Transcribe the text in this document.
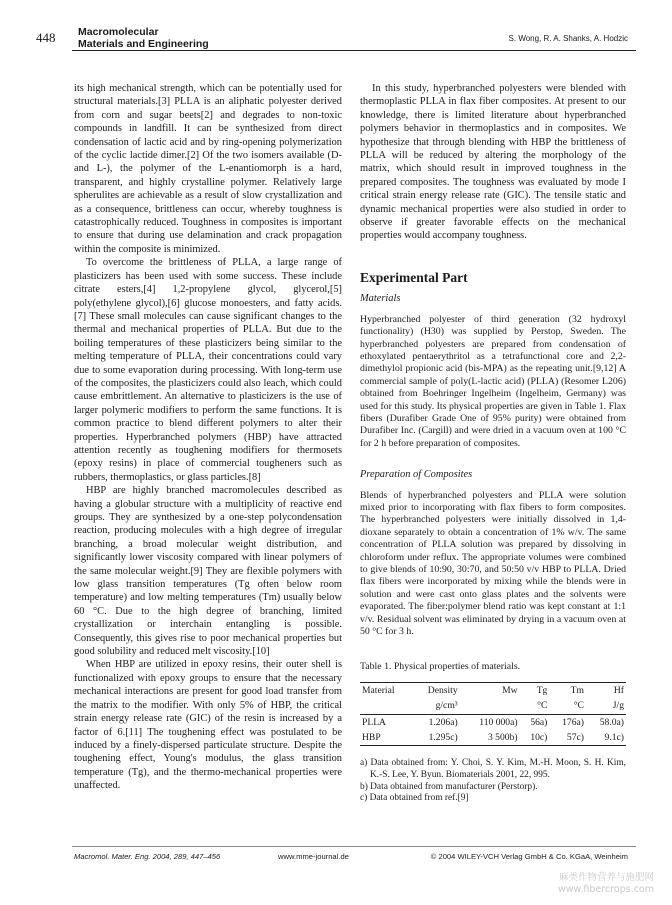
448 Macromolecular
Materials and Engineering	S. Wong, R. A. Shanks, A. Hodzic

its high mechanical strength, which can be potentially used for structural materials.[3] PLLA is an aliphatic polyester derived from corn and sugar beets[2] and degrades to non-toxic compounds in landfill. It can be synthesized from direct condensation of lactic acid and by ring-opening polymerization of the cyclic lactide dimer.[2] Of the two isomers available (D- and L-), the polymer of the L-enantiomorph is a hard, transparent, and highly crystalline polymer. Relatively large spherulites are achievable as a result of slow crystallization and as a consequence, brittleness can occur, whereby toughness is catastrophically reduced. Toughness in composites is important to ensure that during use delamination and crack propagation within the composite is minimized.

To overcome the brittleness of PLLA, a large range of plasticizers has been used with some success. These include citrate esters,[4] 1,2-propylene glycol, glycerol,[5] poly(ethylene glycol),[6] glucose monoesters, and fatty acids.[7] These small molecules can cause significant changes to the thermal and mechanical properties of PLLA. But due to the boiling temperatures of these plasticizers being similar to the melting temperature of PLLA, their concentrations could vary due to some evaporation during processing. With long-term use of the composites, the plasticizers could also leach, which could cause embrittlement. An alternative to plasticizers is the use of larger polymeric modifiers to perform the same functions. It is common practice to blend different polymers to alter their properties. Hyperbranched polymers (HBP) have attracted attention recently as toughening modifiers for thermosets (epoxy resins) in place of commercial tougheners such as rubbers, thermoplastics, or glass particles.[8]

HBP are highly branched macromolecules described as having a globular structure with a multiplicity of reactive end groups. They are synthesized by a one-step polycondensation reaction, producing molecules with a high degree of irregular branching, a broad molecular weight distribution, and significantly lower viscosity compared with linear polymers of the same molecular weight.[9] They are flexible polymers with low glass transition temperatures (Tg often below room temperature) and low melting temperatures (Tm) usually below 60 °C. Due to the high degree of branching, limited crystallization or interchain entangling is possible. Consequently, this gives rise to poor mechanical properties but good solubility and reduced melt viscosity.[10]

When HBP are utilized in epoxy resins, their outer shell is functionalized with epoxy groups to ensure that the necessary mechanical interactions are present for good load transfer from the matrix to the modifier. With only 5% of HBP, the critical strain energy release rate (GIC) of the resin is increased by a factor of 6.[11] The toughening effect was postulated to be induced by a finely-dispersed particulate structure. Despite the toughening effect, Young's modulus, the glass transition temperature (Tg), and the thermo-mechanical properties were unaffected.

In this study, hyperbranched polyesters were blended with thermoplastic PLLA in flax fiber composites. At present to our knowledge, there is limited literature about hyperbranched polymers behavior in thermoplastics and in composites. We hypothesize that through blending with HBP the brittleness of PLLA will be reduced by altering the morphology of the matrix, which should result in improved toughness in the prepared composites. The toughness was evaluated by mode I critical strain energy release rate (GIC). The tensile static and dynamic mechanical properties were also studied in order to observe if greater favorable effects on the mechanical properties would accompany toughness.

Experimental Part
Materials

Hyperbranched polyester of third generation (32 hydroxyl functionality) (H30) was supplied by Perstop, Sweden. The hyperbranched polyesters are prepared from condensation of ethoxylated pentaerythritol as a tetrafunctional core and 2,2-dimethylol propionic acid (bis-MPA) as the repeating unit.[9,12] A commercial sample of poly(L-lactic acid) (PLLA) (Resomer L206) obtained from Boehringer Ingelheim (Ingelheim, Germany) was used for this study. Its physical properties are given in Table 1. Flax fibers (Durafiber Grade One of 95% purity) were obtained from Durafiber Inc. (Cargill) and were dried in a vacuum oven at 100 °C for 2 h before preparation of composites.

Preparation of Composites

Blends of hyperbranched polyesters and PLLA were solution mixed prior to incorporating with flax fibers to form composites. The hyperbranched polyesters were initially dissolved in 1,4-dioxane separately to obtain a concentration of 1% w/v. The same concentration of PLLA solution was prepared by dissolving in chloroform under reflux. The appropriate volumes were combined to give blends of 10:90, 30:70, and 50:50 v/v HBP to PLLA. Dried flax fibers were incorporated by mixing while the blends were in solution and were cast onto glass plates and the solvents were evaporated. The fiber:polymer blend ratio was kept constant at 1:1 v/v. Residual solvent was eliminated by drying in a vacuum oven at 50 °C for 3 h.

Table 1. Physical properties of materials.
Material	Density	Mw	Tg	Tm	Hf
	g/cm³		°C	°C	J/g
PLLA	1.206a)	110 000a)	56a)	176a)	58.0a)
HBP	1.295c)	3 500b)	10c)	57c)	9.1c)

a) Data obtained from: Y. Choi, S. Y. Kim, M.-H. Moon, S. H. Kim, K.-S. Lee, Y. Byun. Biomaterials 2001, 22, 995.
b) Data obtained from manufacturer (Perstorp).
c) Data obtained from ref.[9]
Macromol. Mater. Eng. 2004, 289, 447–456	www.mme-journal.de	© 2004 WILEY-VCH Verlag GmbH & Co. KGaA, Weinheim
麻类作物营养与施肥网
www.fibercrops.com
